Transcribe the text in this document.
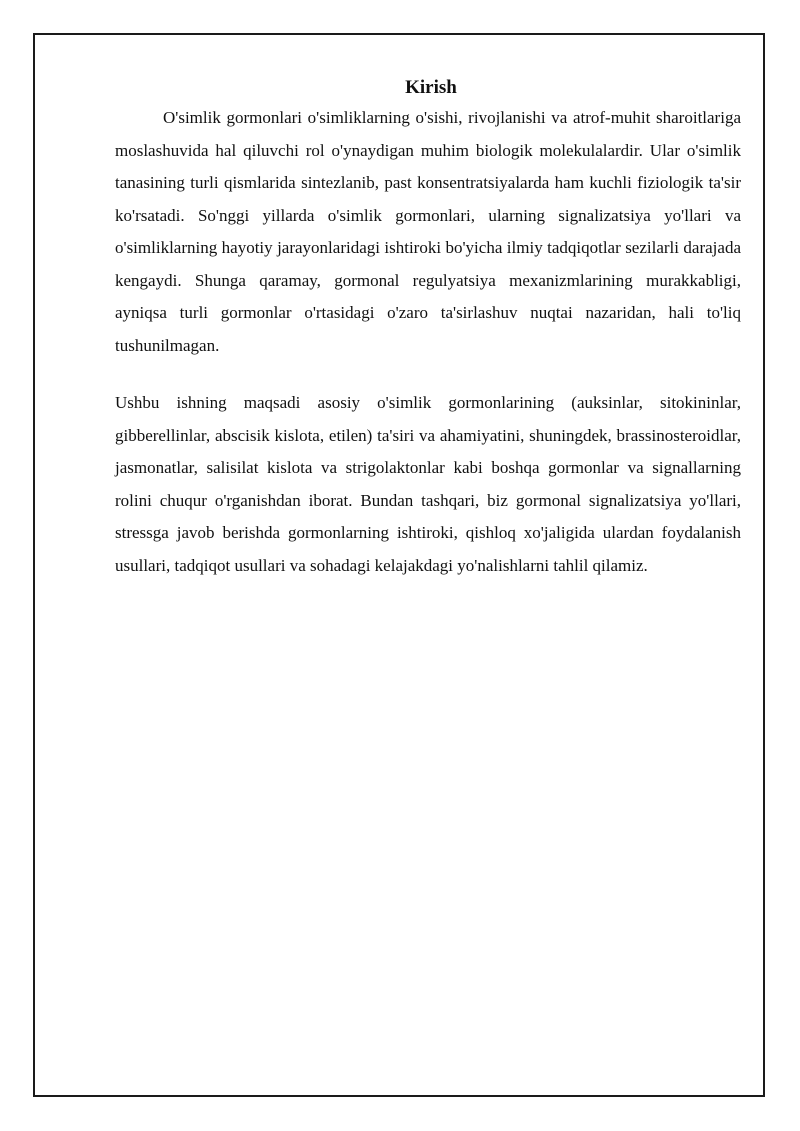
Kirish

O'simlik gormonlari o'simliklarning o'sishi, rivojlanishi va atrof-muhit sharoitlariga moslashuvida hal qiluvchi rol o'ynaydigan muhim biologik molekulalardir. Ular o'simlik tanasining turli qismlarida sintezlanib, past konsentratsiyalarda ham kuchli fiziologik ta'sir ko'rsatadi. So'nggi yillarda o'simlik gormonlari, ularning signalizatsiya yo'llari va o'simliklarning hayotiy jarayonlaridagi ishtiroki bo'yicha ilmiy tadqiqotlar sezilarli darajada kengaydi. Shunga qaramay, gormonal regulyatsiya mexanizmlarining murakkabligi, ayniqsa turli gormonlar o'rtasidagi o'zaro ta'sirlashuv nuqtai nazaridan, hali to'liq tushunilmagan.

Ushbu ishning maqsadi asosiy o'simlik gormonlarining (auksinlar, sitokininlar, gibberellinlar, abscisik kislota, etilen) ta'siri va ahamiyatini, shuningdek, brassinosteroidlar, jasmonatlar, salisilat kislota va strigolaktonlar kabi boshqa gormonlar va signallarning rolini chuqur o'rganishdan iborat. Bundan tashqari, biz gormonal signalizatsiya yo'llari, stressga javob berishda gormonlarning ishtiroki, qishloq xo'jaligida ulardan foydalanish usullari, tadqiqot usullari va sohadagi kelajakdagi yo'nalishlarni tahlil qilamiz.
